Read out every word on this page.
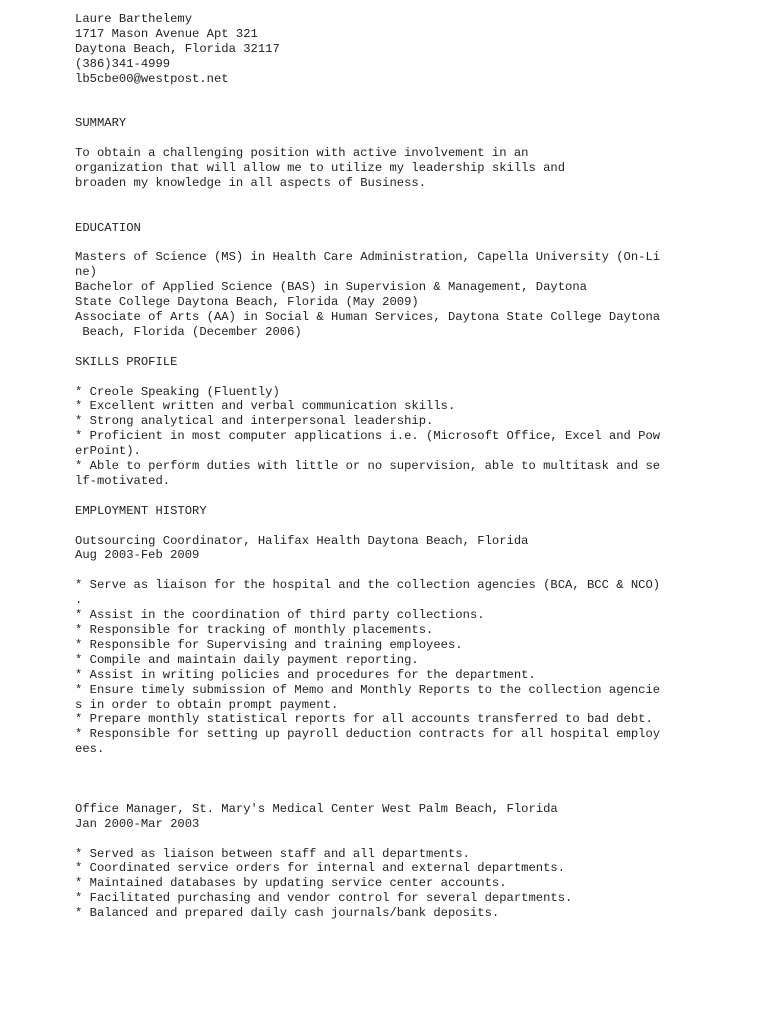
Laure Barthelemy
1717 Mason Avenue Apt 321
Daytona Beach, Florida 32117
(386)341-4999
lb5cbe00@westpost.net
SUMMARY
To obtain a challenging position with active involvement in an
organization that will allow me to utilize my leadership skills and
broaden my knowledge in all aspects of Business.
EDUCATION
Masters of Science (MS) in Health Care Administration, Capella University (On-Li
ne)
Bachelor of Applied Science (BAS) in Supervision & Management, Daytona
State College Daytona Beach, Florida (May 2009)
Associate of Arts (AA) in Social & Human Services, Daytona State College Daytona
Beach, Florida (December 2006)
SKILLS PROFILE
* Creole Speaking (Fluently)
* Excellent written and verbal communication skills.
* Strong analytical and interpersonal leadership.
* Proficient in most computer applications i.e. (Microsoft Office, Excel and Pow
erPoint).
* Able to perform duties with little or no supervision, able to multitask and se
lf-motivated.
EMPLOYMENT HISTORY
Outsourcing Coordinator, Halifax Health Daytona Beach, Florida
Aug 2003-Feb 2009
* Serve as liaison for the hospital and the collection agencies (BCA, BCC & NCO)
.
* Assist in the coordination of third party collections.
* Responsible for tracking of monthly placements.
* Responsible for Supervising and training employees.
* Compile and maintain daily payment reporting.
* Assist in writing policies and procedures for the department.
* Ensure timely submission of Memo and Monthly Reports to the collection agencie
s in order to obtain prompt payment.
* Prepare monthly statistical reports for all accounts transferred to bad debt.
* Responsible for setting up payroll deduction contracts for all hospital employ
ees.
Office Manager, St. Mary's Medical Center West Palm Beach, Florida
Jan 2000-Mar 2003
* Served as liaison between staff and all departments.
* Coordinated service orders for internal and external departments.
* Maintained databases by updating service center accounts.
* Facilitated purchasing and vendor control for several departments.
* Balanced and prepared daily cash journals/bank deposits.
